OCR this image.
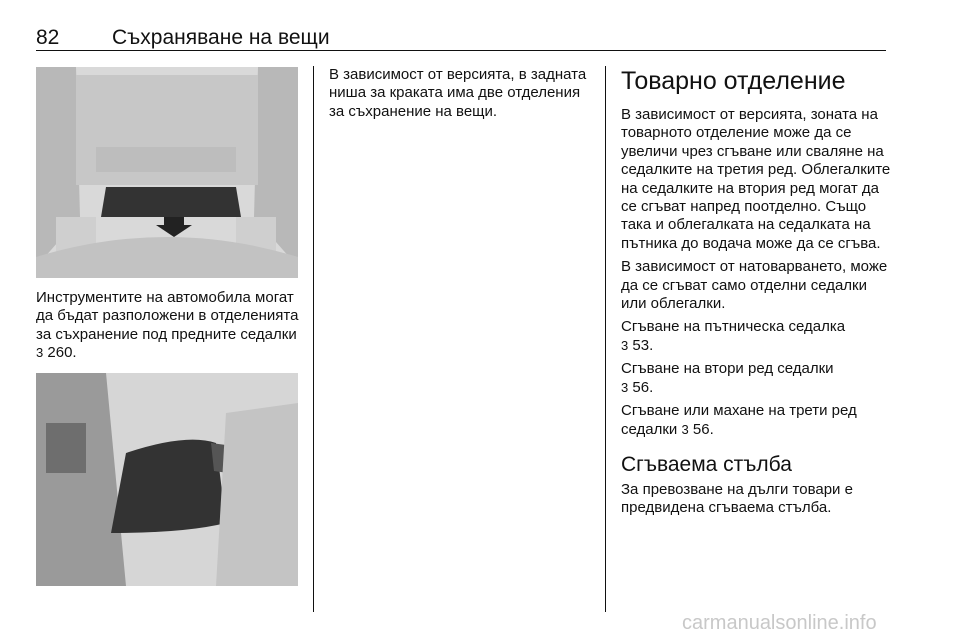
82	Съхраняване на вещи

Инструментите на автомобила могат да бъдат разположени в отделенията за съхранение под предните седалки 3 260.

В зависимост от версията, в задната ниша за краката има две отделения за съхранение на вещи.

Товарно отделение

В зависимост от версията, зоната на товарното отделение може да се увеличи чрез сгъване или сваляне на седалките на третия ред. Облегалките на седалките на втория ред могат да се сгъват напред поотделно. Също така и облегалката на седалката на пътника до водача може да се сгъва.

В зависимост от натоварването, може да се сгъват само отделни седалки или облегалки.

Сгъване на пътническа седалка
3 53.

Сгъване на втори ред седалки
3 56.

Сгъване или махане на трети ред седалки 3 56.

Сгъваема стълба

За превозване на дълги товари е предвидена сгъваема стълба.

carmanualsonline.info
